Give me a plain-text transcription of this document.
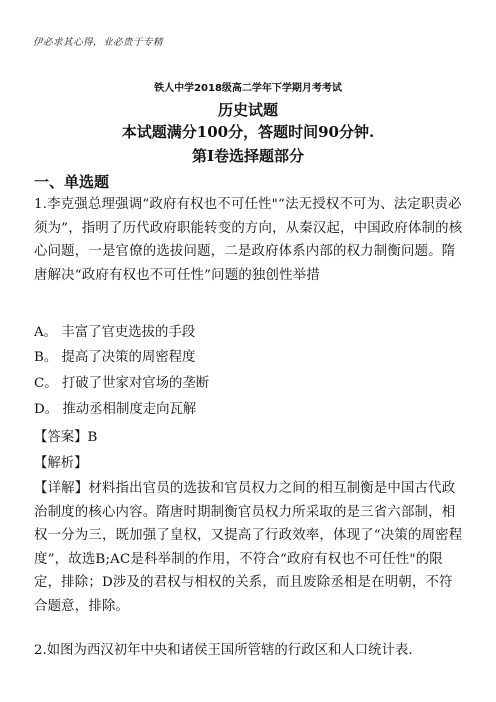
伊必求其心得，业必贵于专精
铁人中学2018级高二学年下学期月考考试
历史试题
本试题满分100分，答题时间90分钟.
第Ⅰ卷选择题部分
一、单选题
1.李克强总理强调“政府有权也不可任性"“法无授权不可为、法定职责必须为”，指明了历代政府职能转变的方向，从秦汉起，中国政府体制的核心问题，一是官僚的选拔问题，二是政府体系内部的权力制衡问题。隋唐解决“政府有权也不可任性”问题的独创性举措
A。 丰富了官吏选拔的手段
B。 提高了决策的周密程度
C。 打破了世家对官场的垄断
D。 推动丞相制度走向瓦解
【答案】B
【解析】
【详解】材料指出官员的选拔和官员权力之间的相互制衡是中国古代政治制度的核心内容。隋唐时期制衡官员权力所采取的是三省六部制，相权一分为三，既加强了皇权，又提高了行政效率，体现了“决策的周密程度”，故选B;AC是科举制的作用，不符合“政府有权也不可任性"的限定，排除；D涉及的君权与相权的关系，而且废除丞相是在明朝，不符合题意，排除。
2.如图为西汉初年中央和诸侯王国所管辖的行政区和人口统计表.
